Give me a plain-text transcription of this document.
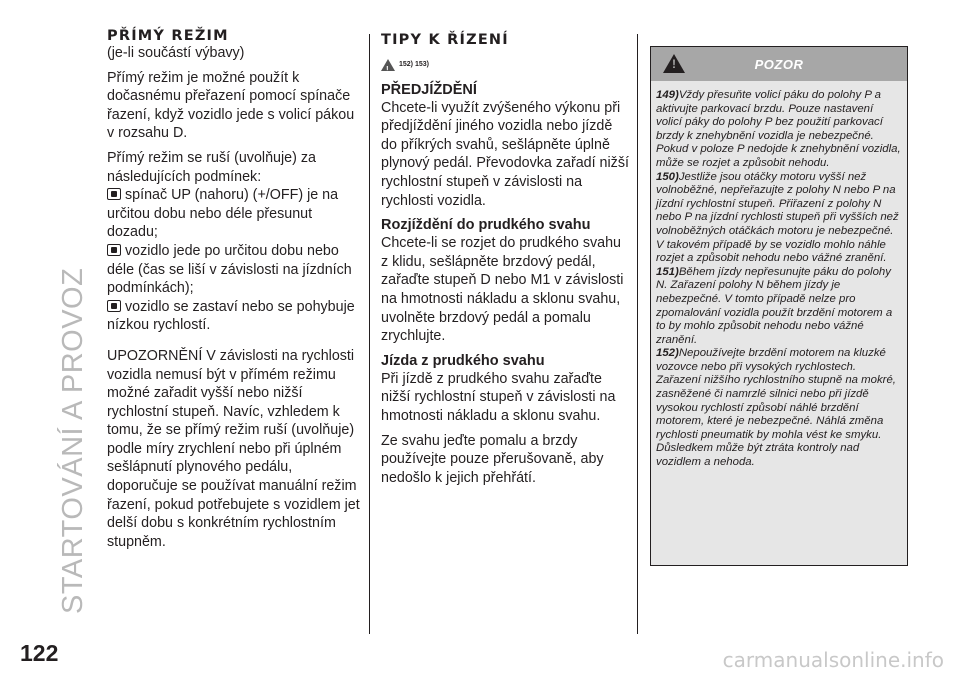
STARTOVÁNÍ A PROVOZ
PŘÍMÝ REŽIM
(je-li součástí výbavy)

Přímý režim je možné použít k dočasnému přeřazení pomocí spínače řazení, když vozidlo jede s volicí pákou v rozsahu D.

Přímý režim se ruší (uvolňuje) za následujících podmínek:

spínač UP (nahoru) (+/OFF) je na určitou dobu nebo déle přesunut dozadu;
vozidlo jede po určitou dobu nebo déle (čas se liší v závislosti na jízdních podmínkách);
vozidlo se zastaví nebo se pohybuje nízkou rychlostí.

UPOZORNĚNÍ V závislosti na rychlosti vozidla nemusí být v přímém režimu možné zařadit vyšší nebo nižší rychlostní stupeň. Navíc, vzhledem k tomu, že se přímý režim ruší (uvolňuje) podle míry zrychlení nebo při úplném sešlápnutí plynového pedálu, doporučuje se používat manuální režim řazení, pokud potřebujete s vozidlem jet delší dobu s konkrétním rychlostním stupněm.

TIPY K ŘÍZENÍ
!
152) 153)
PŘEDJÍŽDĚNÍ

Chcete-li využít zvýšeného výkonu při předjíždění jiného vozidla nebo jízdě do příkrých svahů, sešlápněte úplně plynový pedál. Převodovka zařadí nižší rychlostní stupeň v závislosti na rychlosti vozidla.

Rozjíždění do prudkého svahu

Chcete-li se rozjet do prudkého svahu z klidu, sešlápněte brzdový pedál, zařaďte stupeň D nebo M1 v závislosti na hmotnosti nákladu a sklonu svahu, uvolněte brzdový pedál a pomalu zrychlujte.

Jízda z prudkého svahu

Při jízdě z prudkého svahu zařaďte nižší rychlostní stupeň v závislosti na hmotnosti nákladu a sklonu svahu.

Ze svahu jeďte pomalu a brzdy používejte pouze přerušovaně, aby nedošlo k jejich přehřátí.

!	POZOR

149)Vždy přesuňte volicí páku do polohy P a aktivujte parkovací brzdu. Pouze nastavení volicí páky do polohy P bez použití parkovací brzdy k znehybnění vozidla je nebezpečné. Pokud v poloze P nedojde k znehybnění vozidla, může se rozjet a způsobit nehodu.

150)Jestliže jsou otáčky motoru vyšší než volnoběžné, nepřeřazujte z polohy N nebo P na jízdní rychlostní stupeň. Přiřazení z polohy N nebo P na jízdní rychlosti stupeň při vyšších než volnoběžných otáčkách motoru je nebezpečné. V takovém případě by se vozidlo mohlo náhle rozjet a způsobit nehodu nebo vážné zranění.

151)Během jízdy nepřesunujte páku do polohy N. Zařazení polohy N během jízdy je nebezpečné. V tomto případě nelze pro zpomalování vozidla použít brzdění motorem a to by mohlo způsobit nehodu nebo vážné zranění.

152)Nepoužívejte brzdění motorem na kluzké vozovce nebo při vysokých rychlostech. Zařazení nižšího rychlostního stupně na mokré, zasněžené či namrzlé silnici nebo při jízdě vysokou rychlostí způsobí náhlé brzdění motorem, které je nebezpečné. Náhlá změna rychlosti pneumatik by mohla vést ke smyku. Důsledkem může být ztráta kontroly nad vozidlem a nehoda.

122	carmanualsonline.info
